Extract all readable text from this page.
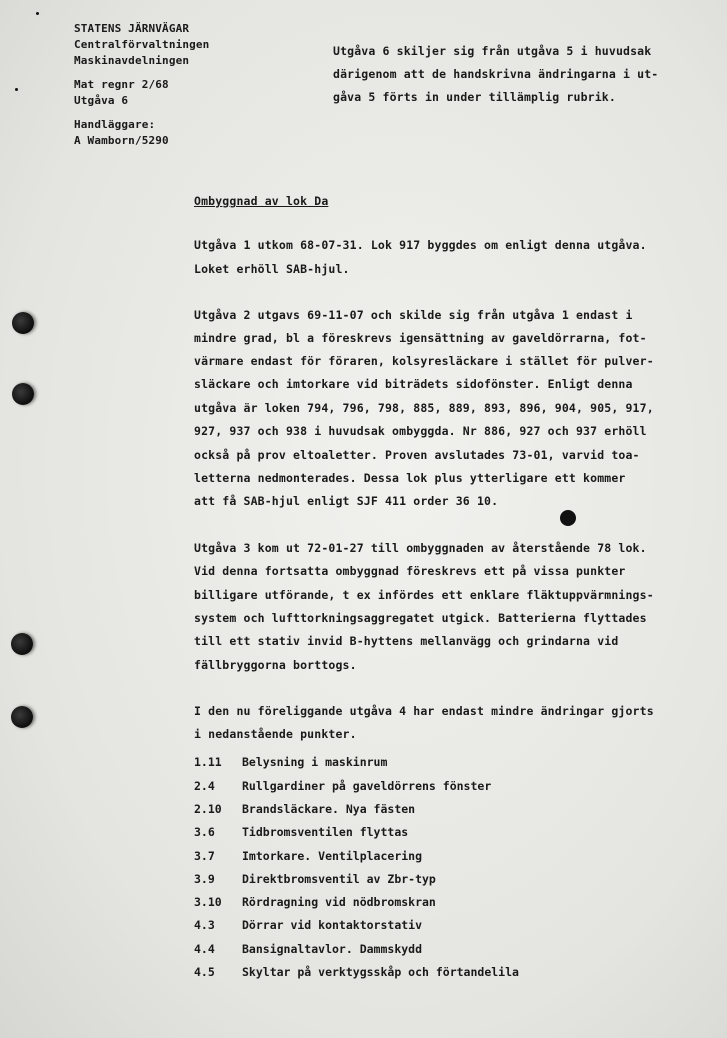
STATENS JÄRNVÄGAR
Centralförvaltningen
Maskinavdelningen
Mat regnr 2/68
Utgåva 6
Handläggare:
A Wamborn/5290
Utgåva 6 skiljer sig från utgåva 5 i huvudsak
därigenom att de handskrivna ändringarna i ut-
gåva 5 förts in under tillämplig rubrik.
Ombyggnad av lok Da
Utgåva 1 utkom 68-07-31. Lok 917 byggdes om enligt denna utgåva.
Loket erhöll SAB-hjul.
Utgåva 2 utgavs 69-11-07 och skilde sig från utgåva 1 endast i
mindre grad, bl a föreskrevs igensättning av gaveldörrarna, fot-
värmare endast för föraren, kolsyresläckare i stället för pulver-
släckare och imtorkare vid biträdets sidofönster. Enligt denna
utgåva är loken 794, 796, 798, 885, 889, 893, 896, 904, 905, 917,
927, 937 och 938 i huvudsak ombyggda. Nr 886, 927 och 937 erhöll
också på prov eltoaletter. Proven avslutades 73-01, varvid toa-
letterna nedmonterades. Dessa lok plus ytterligare ett kommer
att få SAB-hjul enligt SJF 411 order 36 10.
Utgåva 3 kom ut 72-01-27 till ombyggnaden av återstående 78 lok.
Vid denna fortsatta ombyggnad föreskrevs ett på vissa punkter
billigare utförande, t ex infördes ett enklare fläktuppvärmnings-
system och lufttorkningsaggregatet utgick. Batterierna flyttades
till ett stativ invid B-hyttens mellanvägg och grindarna vid
fällbryggorna borttogs.
I den nu föreliggande utgåva 4 har endast mindre ändringar gjorts
i nedanstående punkter.
1.11 Belysning i maskinrum
2.4 Rullgardiner på gaveldörrens fönster
2.10 Brandsläckare. Nya fästen
3.6 Tidbromsventilen flyttas
3.7 Imtorkare. Ventilplacering
3.9 Direktbromsventil av Zbr-typ
3.10 Rördragning vid nödbromskran
4.3 Dörrar vid kontaktorstativ
4.4 Bansignaltavlor. Dammskydd
4.5 Skyltar på verktygsskåp och förtandelila
